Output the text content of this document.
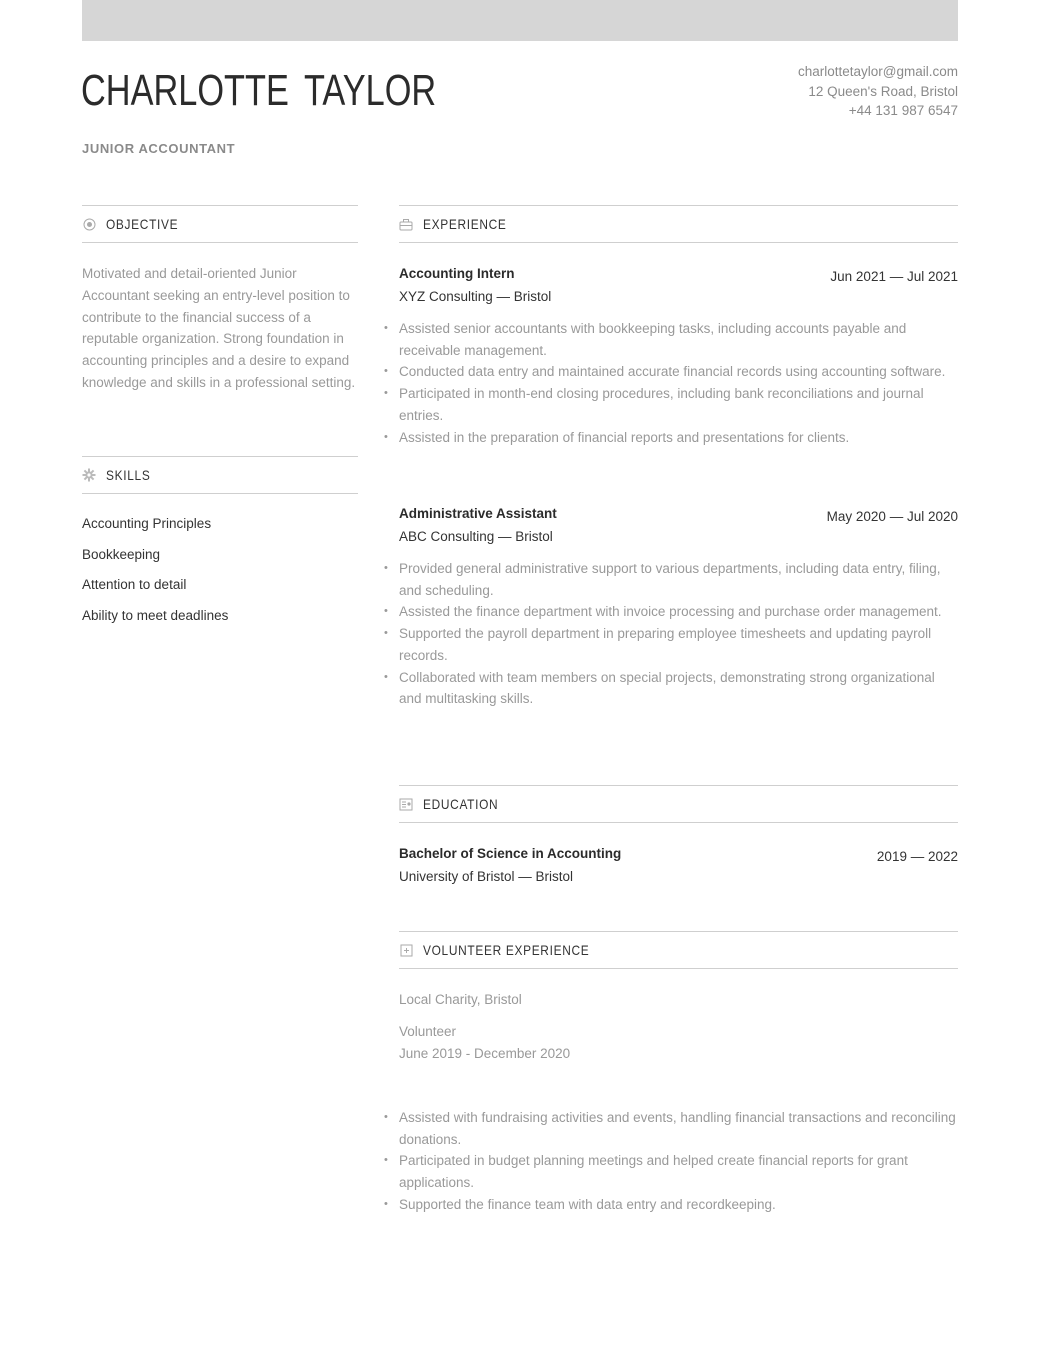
CHARLOTTE TAYLOR
JUNIOR ACCOUNTANT
charlottetaylor@gmail.com
12 Queen's Road, Bristol
+44 131 987 6547
OBJECTIVE

Motivated and detail-oriented Junior Accountant seeking an entry-level position to contribute to the financial success of a reputable organization. Strong foundation in accounting principles and a desire to expand knowledge and skills in a professional setting.

SKILLS
Accounting Principles
Bookkeeping
Attention to detail
Ability to meet deadlines
EXPERIENCE
Accounting Intern	Jun 2021 — Jul 2021
XYZ Consulting — Bristol
• Assisted senior accountants with bookkeeping tasks, including accounts payable and receivable management.
• Conducted data entry and maintained accurate financial records using accounting software.
• Participated in month-end closing procedures, including bank reconciliations and journal entries.
• Assisted in the preparation of financial reports and presentations for clients.
Administrative Assistant	May 2020 — Jul 2020
ABC Consulting — Bristol
• Provided general administrative support to various departments, including data entry, filing, and scheduling.
• Assisted the finance department with invoice processing and purchase order management.
• Supported the payroll department in preparing employee timesheets and updating payroll records.
• Collaborated with team members on special projects, demonstrating strong organizational and multitasking skills.
EDUCATION
Bachelor of Science in Accounting	2019 — 2022
University of Bristol — Bristol
VOLUNTEER EXPERIENCE
Local Charity, Bristol
Volunteer
June 2019 - December 2020
• Assisted with fundraising activities and events, handling financial transactions and reconciling donations.
• Participated in budget planning meetings and helped create financial reports for grant applications.
• Supported the finance team with data entry and recordkeeping.
